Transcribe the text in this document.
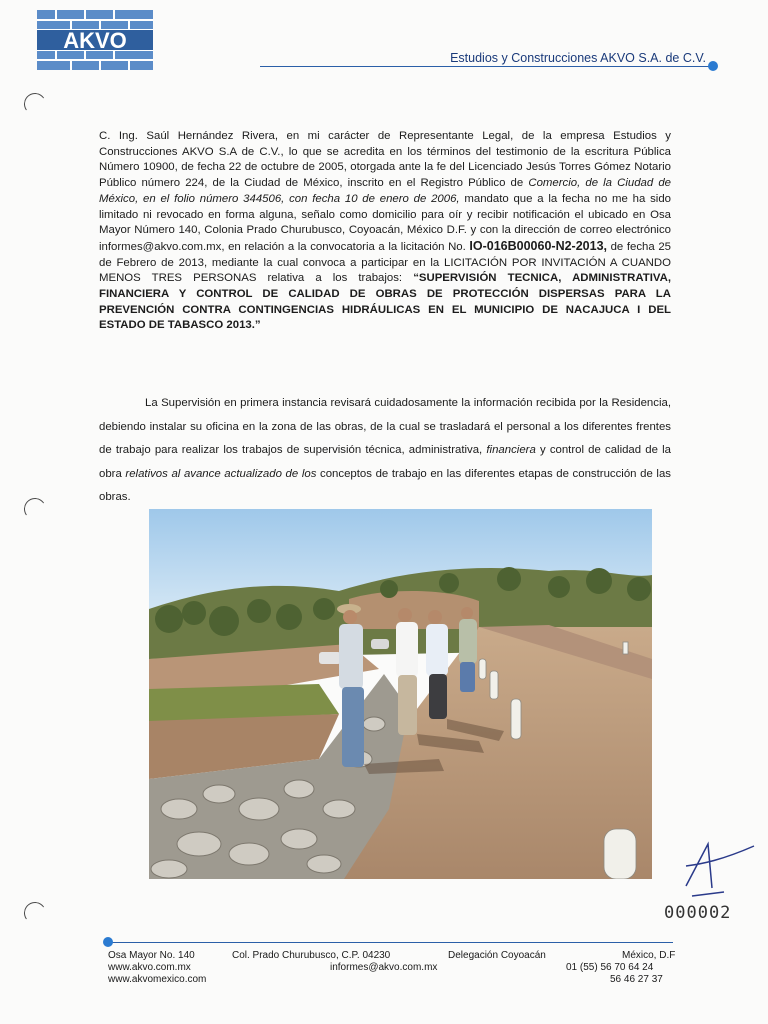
AKVO
Estudios y Construcciones AKVO S.A. de C.V.
C. Ing. Saúl Hernández Rivera, en mi carácter de Representante Legal, de la empresa Estudios y Construcciones AKVO S.A de C.V., lo que se acredita en los términos del testimonio de la escritura Pública Número 10900, de fecha 22 de octubre de 2005, otorgada ante la fe del Licenciado Jesús Torres Gómez Notario Público número 224, de la Ciudad de México, inscrito en el Registro Público de Comercio, de la Ciudad de México, en el folio número 344506, con fecha 10 de enero de 2006, mandato que a la fecha no me ha sido limitado ni revocado en forma alguna, señalo como domicilio para oír y recibir notificación el ubicado en Osa Mayor Número 140, Colonia Prado Churubusco, Coyoacán, México D.F. y con la dirección de correo electrónico informes@akvo.com.mx, en relación a la convocatoria a la licitación No. IO-016B00060-N2-2013, de fecha 25 de Febrero de 2013, mediante la cual convoca a participar en la LICITACIÓN POR INVITACIÓN A CUANDO MENOS TRES PERSONAS relativa a los trabajos: “SUPERVISIÓN TECNICA, ADMINISTRATIVA, FINANCIERA Y CONTROL DE CALIDAD DE OBRAS DE PROTECCIÓN DISPERSAS PARA LA PREVENCIÓN CONTRA CONTINGENCIAS HIDRÁULICAS EN EL MUNICIPIO DE NACAJUCA I DEL ESTADO DE TABASCO 2013.”
La Supervisión en primera instancia revisará cuidadosamente la información recibida por la Residencia, debiendo instalar su oficina en la zona de las obras, de la cual se trasladará el personal a los diferentes frentes de trabajo para realizar los trabajos de supervisión técnica, administrativa, financiera y control de calidad de la obra relativos al avance actualizado de los conceptos de trabajo en las diferentes etapas de construcción de las obras.
000002
Osa Mayor No. 140
www.akvo.com.mx
www.akvomexico.com
Col. Prado Churubusco, C.P. 04230
informes@akvo.com.mx
Delegación Coyoacán	México, D.F
01 (55) 56 70 64 24
56 46 27 37
